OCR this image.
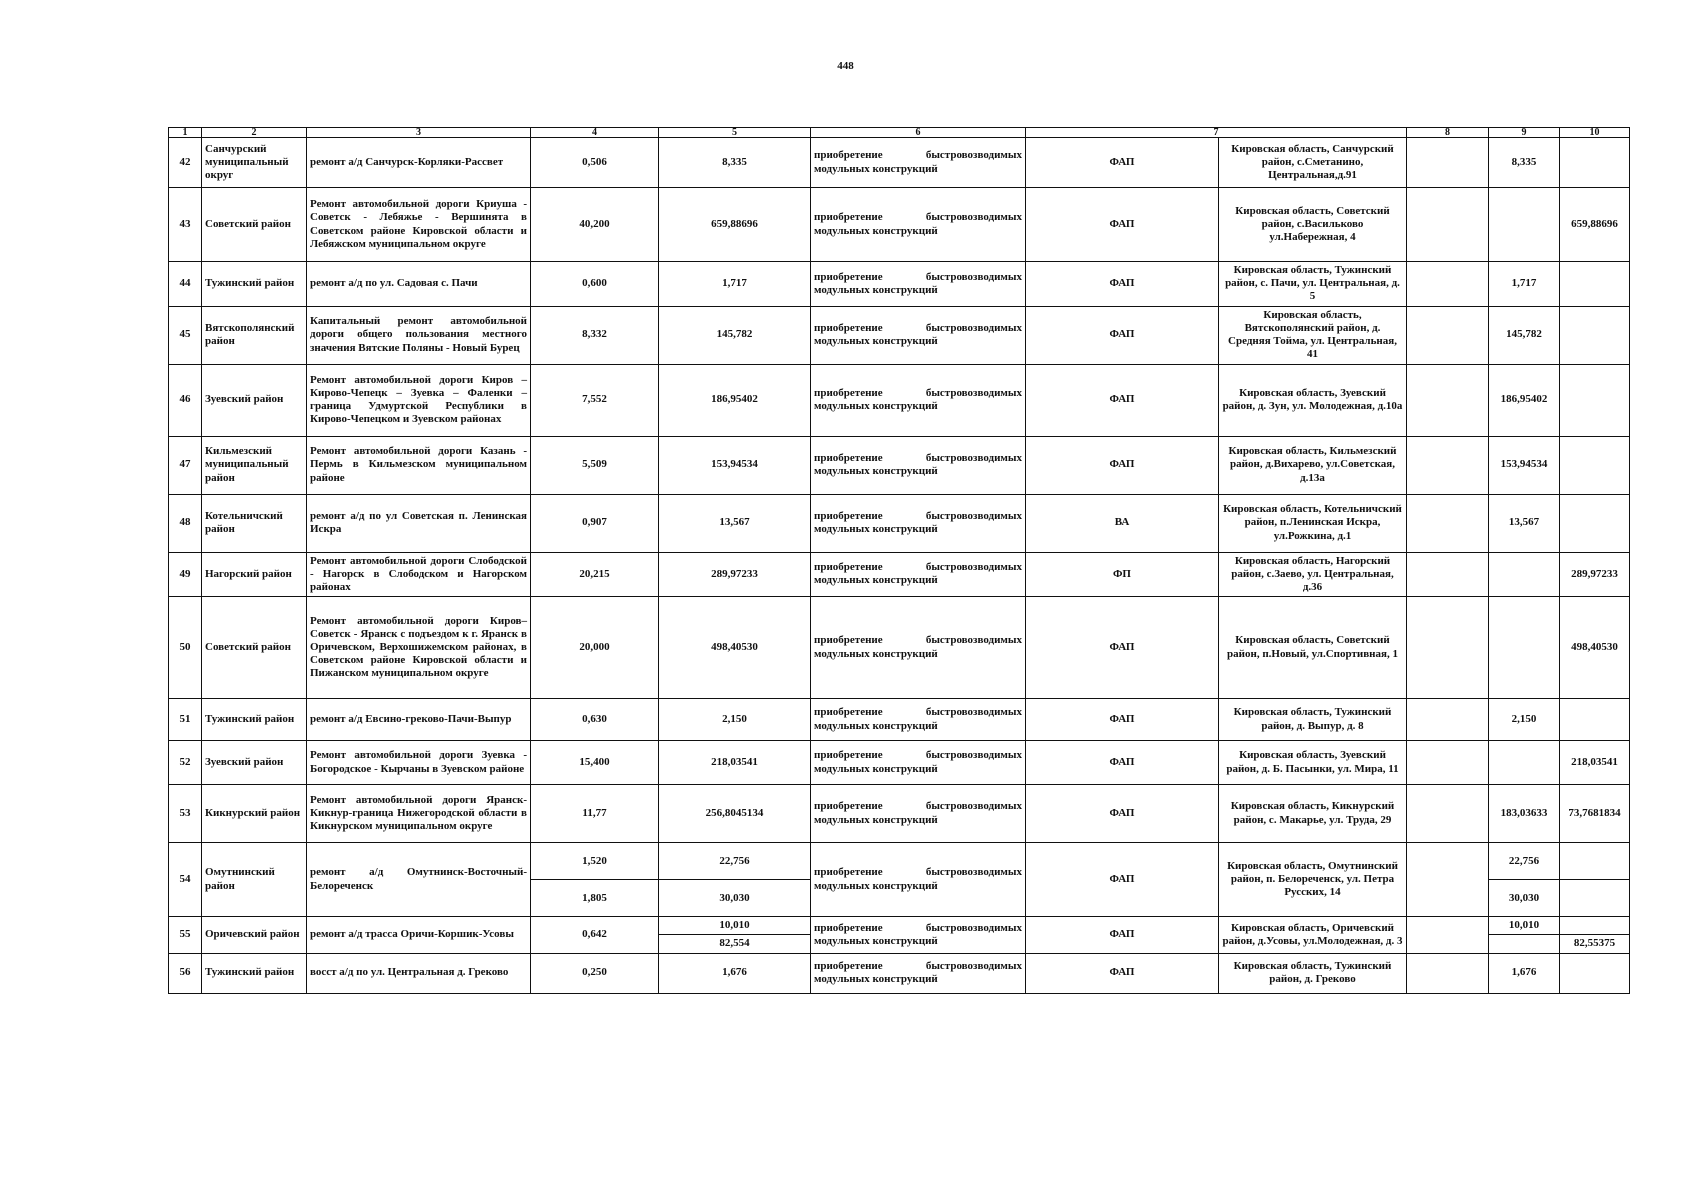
448
1	2	3	4	5	6	7		8	9	10
42	Санчурский муниципальный округ	ремонт а/д Санчурск-Корляки-Рассвет	0,506	8,335	приобретение быстровозводимых модульных конструкций	ФАП	Кировская область, Санчурский район, с.Сметанино, Центральная,д.91		8,335	
43	Советский район	Ремонт автомобильной дороги Криуша - Советск - Лебяжье - Вершинята в Советском районе Кировской области и Лебяжском муниципальном округе	40,200	659,88696	приобретение быстровозводимых модульных конструкций	ФАП	Кировская область, Советский район, с.Васильково ул.Набережная, 4			659,88696
44	Тужинский район	ремонт а/д по ул. Садовая с. Пачи	0,600	1,717	приобретение быстровозводимых модульных конструкций	ФАП	Кировская область, Тужинский район, с. Пачи, ул. Центральная, д. 5		1,717	
45	Вятскополянский район	Капитальный ремонт автомобильной дороги общего пользования местного значения Вятские Поляны - Новый Бурец	8,332	145,782	приобретение быстровозводимых модульных конструкций	ФАП	Кировская область, Вятскополянский район, д. Средняя Тойма, ул. Центральная, 41		145,782	
46	Зуевский район	Ремонт автомобильной дороги Киров – Кирово-Чепецк – Зуевка – Фаленки – граница Удмуртской Республики в Кирово-Чепецком и Зуевском районах	7,552	186,95402	приобретение быстровозводимых модульных конструкций	ФАП	Кировская область, Зуевский район, д. Зун, ул. Молодежная, д.10а		186,95402	
47	Кильмезский муниципальный район	Ремонт автомобильной дороги Казань - Пермь в Кильмезском муниципальном районе	5,509	153,94534	приобретение быстровозводимых модульных конструкций	ФАП	Кировская область, Кильмезский район, д.Вихарево, ул.Советская, д.13а		153,94534	
48	Котельничский район	ремонт а/д по ул Советская п. Ленинская Искра	0,907	13,567	приобретение быстровозводимых модульных конструкций	ВА	Кировская область, Котельничский район, п.Ленинская Искра, ул.Рожкина, д.1		13,567	
49	Нагорский район	Ремонт автомобильной дороги Слободской - Нагорск в Слободском и Нагорском районах	20,215	289,97233	приобретение быстровозводимых модульных конструкций	ФП	Кировская область, Нагорский район, с.Заево, ул. Центральная, д.36			289,97233
50	Советский район	Ремонт автомобильной дороги Киров–Советск - Яранск с подъездом к г. Яранск в Оричевском, Верхошижемском районах, в Советском районе Кировской области и Пижанском муниципальном округе	20,000	498,40530	приобретение быстровозводимых модульных конструкций	ФАП	Кировская область, Советский район, п.Новый, ул.Спортивная, 1			498,40530
51	Тужинский район	ремонт а/д Евсино-греково-Пачи-Выпур	0,630	2,150	приобретение быстровозводимых модульных конструкций	ФАП	Кировская область, Тужинский район, д. Выпур, д. 8		2,150	
52	Зуевский район	Ремонт автомобильной дороги Зуевка - Богородское - Кырчаны в Зуевском районе	15,400	218,03541	приобретение быстровозводимых модульных конструкций	ФАП	Кировская область, Зуевский район, д. Б. Пасынки, ул. Мира, 11			218,03541
53	Кикнурский район	Ремонт автомобильной дороги Яранск-Кикнур-граница Нижегородской области в Кикнурском муниципальном округе	11,77	256,8045134	приобретение быстровозводимых модульных конструкций	ФАП	Кировская область, Кикнурский район, с. Макарье, ул. Труда, 29		183,03633	73,7681834
54	Омутнинский район	ремонт а/д Омутнинск-Восточный-Белореченск	1,520	22,756	приобретение быстровозводимых модульных конструкций	ФАП	Кировская область, Омутнинский район, п. Белореченск, ул. Петра Русских, 14		22,756	
			1,805	30,030					30,030	
55	Оричевский район	ремонт а/д трасса Оричи-Коршик-Усовы	0,642	10,010	приобретение быстровозводимых модульных конструкций	ФАП	Кировская область, Оричевский район, д.Усовы, ул.Молодежная, д. 3		10,010	
				82,554						82,55375
56	Тужинский район	восст а/д по ул. Центральная д. Греково	0,250	1,676	приобретение быстровозводимых модульных конструкций	ФАП	Кировская область, Тужинский район, д. Греково		1,676	
